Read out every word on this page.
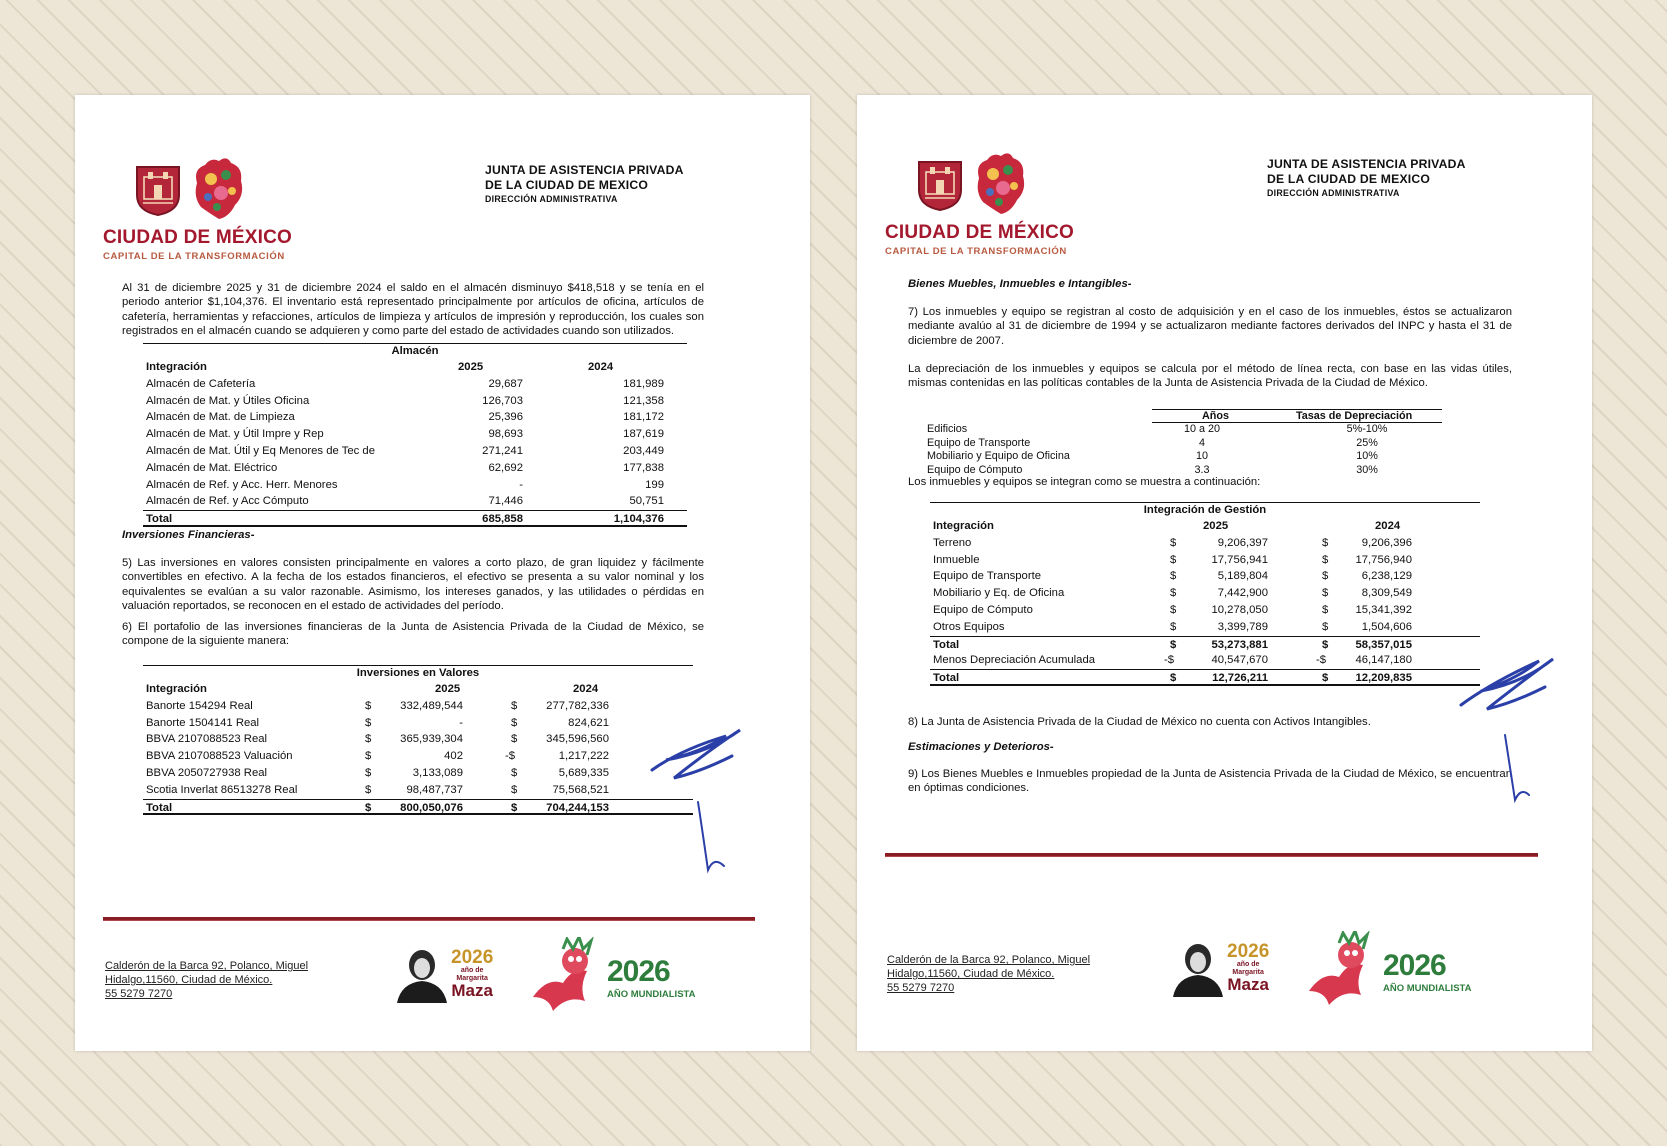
CIUDAD DE MÉXICO
CAPITAL DE LA TRANSFORMACIÓN
JUNTA DE ASISTENCIA PRIVADA
DE LA CIUDAD DE MEXICO
DIRECCIÓN ADMINISTRATIVA

Al 31 de diciembre 2025 y 31 de diciembre 2024 el saldo en el almacén disminuyo $418,518 y se tenía en el periodo anterior $1,104,376. El inventario está representado principalmente por artículos de oficina, artículos de cafetería, herramientas y refacciones, artículos de limpieza y artículos de impresión y reproducción, los cuales son registrados en el almacén cuando se adquieren y como parte del estado de actividades cuando son utilizados.

Almacén
Integración	2025	2024
Almacén de Cafetería	29,687	181,989
Almacén de Mat. y Útiles Oficina	126,703	121,358
Almacén de Mat. de Limpieza	25,396	181,172
Almacén de Mat. y Útil Impre y Rep	98,693	187,619
Almacén de Mat. Útil y Eq Menores de Tec de	271,241	203,449
Almacén de Mat. Eléctrico	62,692	177,838
Almacén de Ref. y Acc. Herr. Menores	-	199
Almacén de Ref. y Acc Cómputo	71,446	50,751
Total	685,858	1,104,376
Inversiones Financieras-

5) Las inversiones en valores consisten principalmente en valores a corto plazo, de gran liquidez y fácilmente convertibles en efectivo. A la fecha de los estados financieros, el efectivo se presenta a su valor nominal y los equivalentes se evalúan a su valor razonable. Asimismo, los intereses ganados, y las utilidades o pérdidas en valuación reportados, se reconocen en el estado de actividades del período.

6) El portafolio de las inversiones financieras de la Junta de Asistencia Privada de la Ciudad de México, se compone de la siguiente manera:

Inversiones en Valores
Integración	2025	2024
Banorte 154294 Real	$	332,489,544	$	277,782,336
Banorte 1504141 Real	$	-	$	824,621
BBVA 2107088523 Real	$	365,939,304	$	345,596,560
BBVA 2107088523 Valuación	$	402	-$	1,217,222
BBVA 2050727938 Real	$	3,133,089	$	5,689,335
Scotia Inverlat 86513278 Real	$	98,487,737	$	75,568,521
Total	$	800,050,076	$	704,244,153
Calderón de la Barca 92, Polanco, Miguel
Hidalgo,11560, Ciudad de México.
55 5279 7270
2026
año de
Margarita
Maza
2026
AÑO MUNDIALISTA
CIUDAD DE MÉXICO
CAPITAL DE LA TRANSFORMACIÓN
JUNTA DE ASISTENCIA PRIVADA
DE LA CIUDAD DE MEXICO
DIRECCIÓN ADMINISTRATIVA
Bienes Muebles, Inmuebles e Intangibles-

7) Los inmuebles y equipo se registran al costo de adquisición y en el caso de los inmuebles, éstos se actualizaron mediante avalúo al 31 de diciembre de 1994 y se actualizaron mediante factores derivados del INPC y hasta el 31 de diciembre de 2007.

La depreciación de los inmuebles y equipos se calcula por el método de línea recta, con base en las vidas útiles, mismas contenidas en las políticas contables de la Junta de Asistencia Privada de la Ciudad de México.

Años	Tasas de Depreciación
Edificios	10 a 20	5%-10%
Equipo de Transporte	4	25%
Mobiliario y Equipo de Oficina	10	10%
Equipo de Cómputo	3.3	30%

Los inmuebles y equipos se integran como se muestra a continuación:

Integración de Gestión
Integración	2025	2024
Terreno	$	9,206,397	$	9,206,396
Inmueble	$	17,756,941	$	17,756,940
Equipo de Transporte	$	5,189,804	$	6,238,129
Mobiliario y Eq. de Oficina	$	7,442,900	$	8,309,549
Equipo de Cómputo	$	10,278,050	$	15,341,392
Otros Equipos	$	3,399,789	$	1,504,606
Total	$	53,273,881	$	58,357,015
Menos Depreciación Acumulada	-$	40,547,670	-$	46,147,180
Total	$	12,726,211	$	12,209,835

8) La Junta de Asistencia Privada de la Ciudad de México no cuenta con Activos Intangibles.

Estimaciones y Deterioros-

9) Los Bienes Muebles e Inmuebles propiedad de la Junta de Asistencia Privada de la Ciudad de México, se encuentran en óptimas condiciones.

Calderón de la Barca 92, Polanco, Miguel
Hidalgo,11560, Ciudad de México.
55 5279 7270
2026
año de
Margarita
Maza
2026
AÑO MUNDIALISTA
